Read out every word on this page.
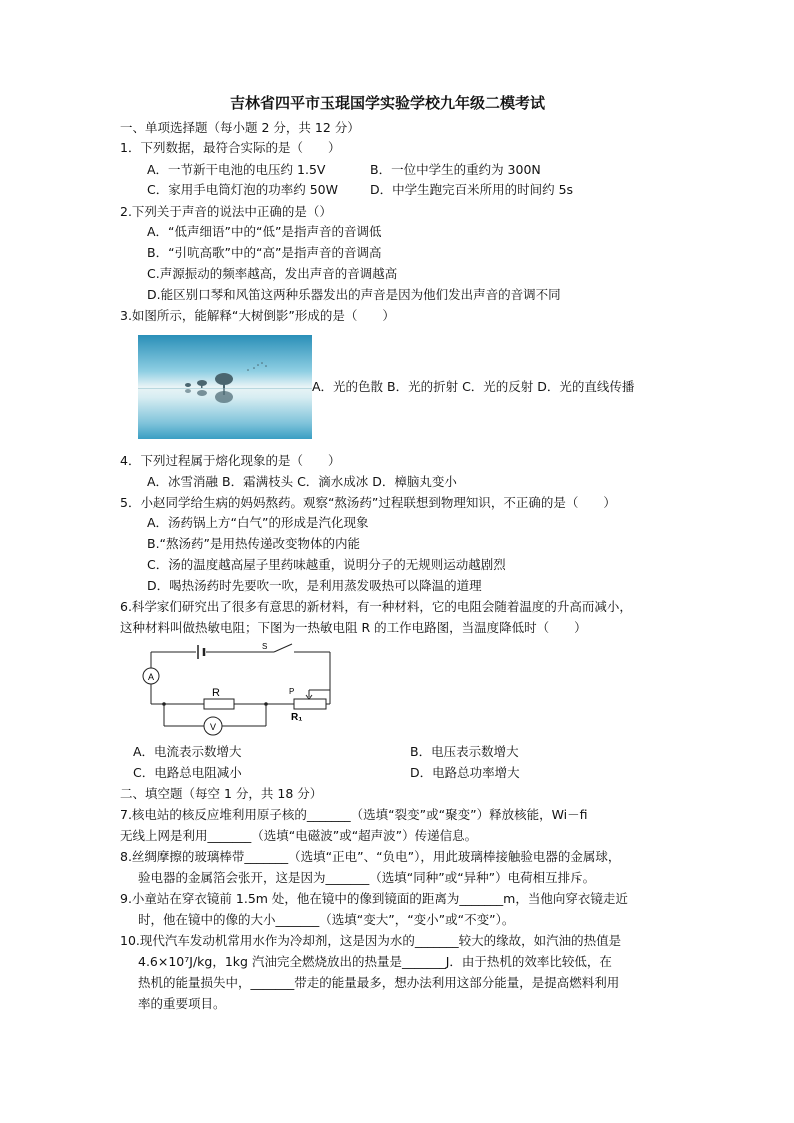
吉林省四平市玉琨国学实验学校九年级二模考试
一、单项选择题（每小题 2 分，共 12 分）
1．下列数据，最符合实际的是（　　）
A．一节新干电池的电压约 1.5V	B．一位中学生的重约为 300N
C．家用手电筒灯泡的功率约 50W	D．中学生跑完百米所用的时间约 5s
2.下列关于声音的说法中正确的是（）
A．“低声细语”中的“低”是指声音的音调低
B．“引吭高歌”中的“高”是指声音的音调高
C.声源振动的频率越高，发出声音的音调越高
D.能区别口琴和风笛这两种乐器发出的声音是因为他们发出声音的音调不同
3.如图所示，能解释“大树倒影”形成的是（　　）
A．光的色散 B．光的折射 C．光的反射 D．光的直线传播
4．下列过程属于熔化现象的是（　　）
A．冰雪消融 B．霜满枝头 C．滴水成冰 D．樟脑丸变小
5．小赵同学给生病的妈妈熬药。观察“熬汤药”过程联想到物理知识，不正确的是（　　）
A．汤药锅上方“白气”的形成是汽化现象
B.“熬汤药”是用热传递改变物体的内能
C．汤的温度越高屋子里药味越重，说明分子的无规则运动越剧烈
D．喝热汤药时先要吹一吹，是利用蒸发吸热可以降温的道理
6.科学家们研究出了很多有意思的新材料，有一种材料，它的电阻会随着温度的升高而减小，
这种材料叫做热敏电阻；下图为一热敏电阻 R 的工作电路图，当温度降低时（　　）
A
V
R
S
P
R₁
A．电流表示数增大	B．电压表示数增大
C．电路总电阻减小	D．电路总功率增大
二、填空题（每空 1 分，共 18 分）
7.核电站的核反应堆利用原子核的_______（选填“裂变”或“聚变”）释放核能，Wi－fi
无线上网是利用_______（选填“电磁波”或“超声波”）传递信息。
8.丝绸摩擦的玻璃棒带_______（选填“正电”、“负电”），用此玻璃棒接触验电器的金属球，
验电器的金属箔会张开，这是因为_______（选填“同种”或“异种”）电荷相互排斥。
9.小童站在穿衣镜前 1.5m 处，他在镜中的像到镜面的距离为_______m，当他向穿衣镜走近
时，他在镜中的像的大小_______（选填“变大”，“变小”或“不变”）。
10.现代汽车发动机常用水作为冷却剂，这是因为水的_______较大的缘故，如汽油的热值是
4.6×10⁷J/kg，1kg 汽油完全燃烧放出的热量是_______J．由于热机的效率比较低，在
热机的能量损失中，_______带走的能量最多，想办法利用这部分能量，是提高燃料利用
率的重要项目。
